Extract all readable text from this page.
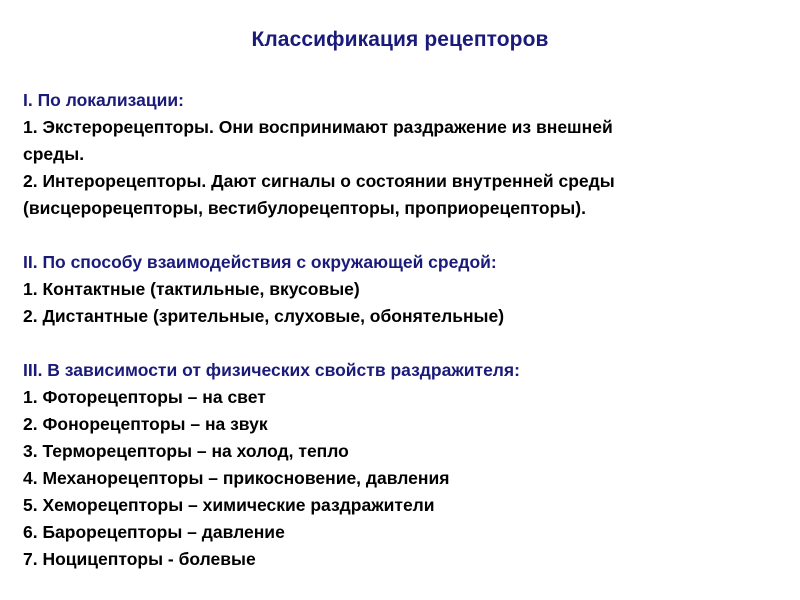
Классификация рецепторов
I. По локализации:
1. Экстерорецепторы. Они воспринимают раздражение из внешней
среды.
2. Интерорецепторы. Дают сигналы о состоянии внутренней среды
(висцерорецепторы, вестибулорецепторы, проприорецепторы).
II. По способу взаимодействия с окружающей средой:
1. Контактные (тактильные, вкусовые)
2. Дистантные (зрительные, слуховые, обонятельные)
III. В зависимости от физических свойств раздражителя:
1. Фоторецепторы – на свет
2. Фонорецепторы – на звук
3. Терморецепторы – на холод, тепло
4. Механорецепторы – прикосновение, давления
5. Хеморецепторы – химические раздражители
6. Барорецепторы – давление
7. Ноцицепторы - болевые
